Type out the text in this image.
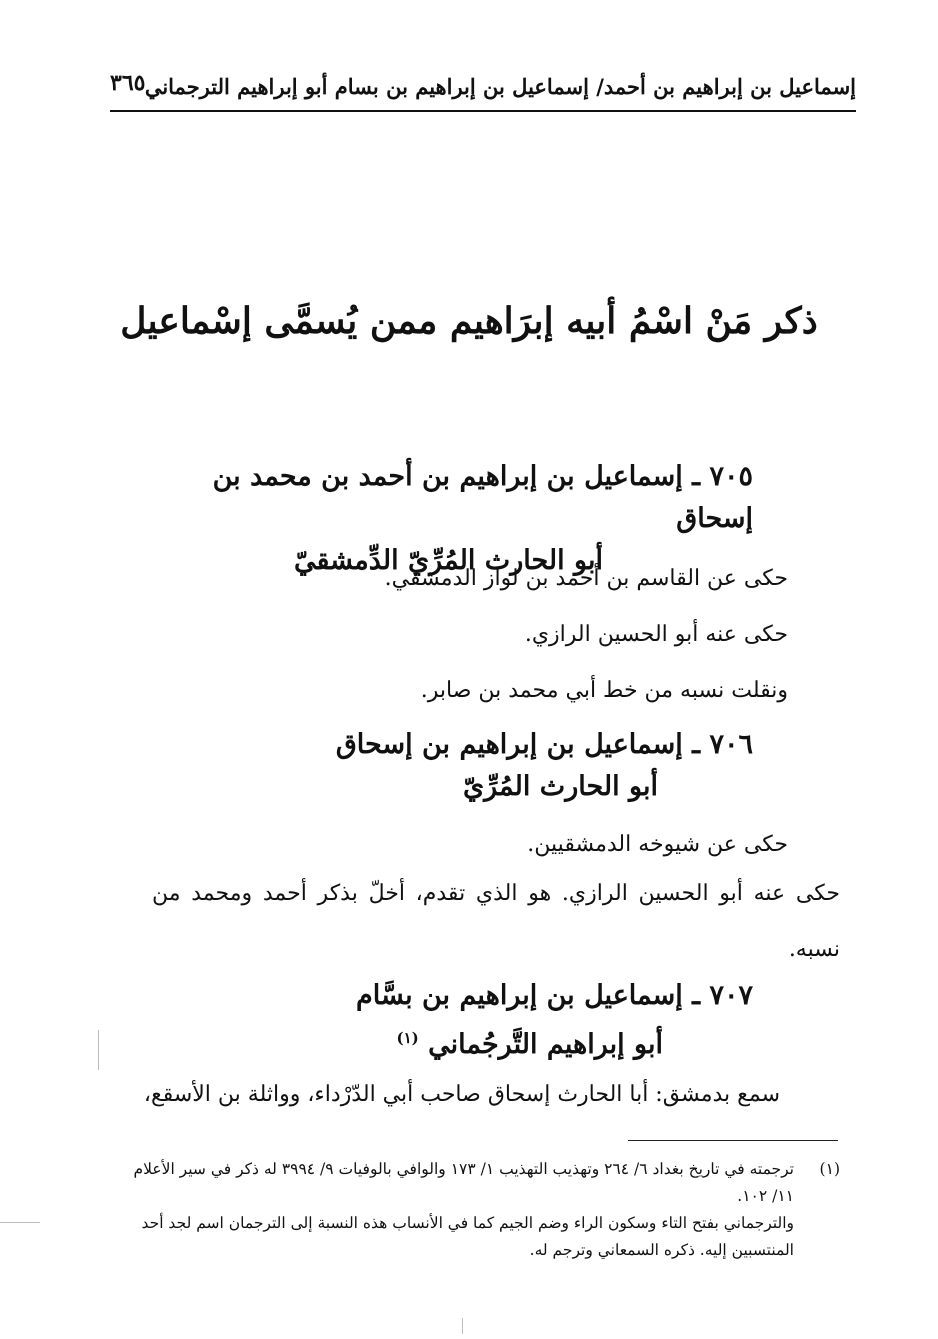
إسماعيل بن إبراهيم بن أحمد/ إسماعيل بن إبراهيم بن بسام أبو إبراهيم الترجماني
٣٦٥
ذكر مَنْ اسْمُ أبيه إبرَاهيم ممن يُسمَّى إسْماعيل
٧٠٥ ـ إسماعيل بن إبراهيم بن أحمد بن محمد بن إسحاق
أبو الحارث المُرِّيّ الدِّمشقيّ
حكى عن القاسم بن أحمد بن لواز الدمشقي.
حكى عنه أبو الحسين الرازي.
ونقلت نسبه من خط أبي محمد بن صابر.
٧٠٦ ـ إسماعيل بن إبراهيم بن إسحاق
أبو الحارث المُرِّيّ
حكى عن شيوخه الدمشقيين.
حكى عنه أبو الحسين الرازي. هو الذي تقدم، أخلّ بذكر أحمد ومحمد من نسبه.
٧٠٧ ـ إسماعيل بن إبراهيم بن بسَّام
أبو إبراهيم التَّرجُماني $^{(١)}$
سمع بدمشق: أبا الحارث إسحاق صاحب أبي الدّرْداء، وواثلة بن الأسقع،
(١)
ترجمته في تاريخ بغداد ٦/ ٢٦٤ وتهذيب التهذيب ١/ ١٧٣ والوافي بالوفيات ٩/ ٣٩٩٤ له ذكر في سير الأعلام ١١/ ١٠٢.
والترجماني بفتح التاء وسكون الراء وضم الجيم كما في الأنساب هذه النسبة إلى الترجمان اسم لجد أحد المنتسبين إليه. ذكره السمعاني وترجم له.
